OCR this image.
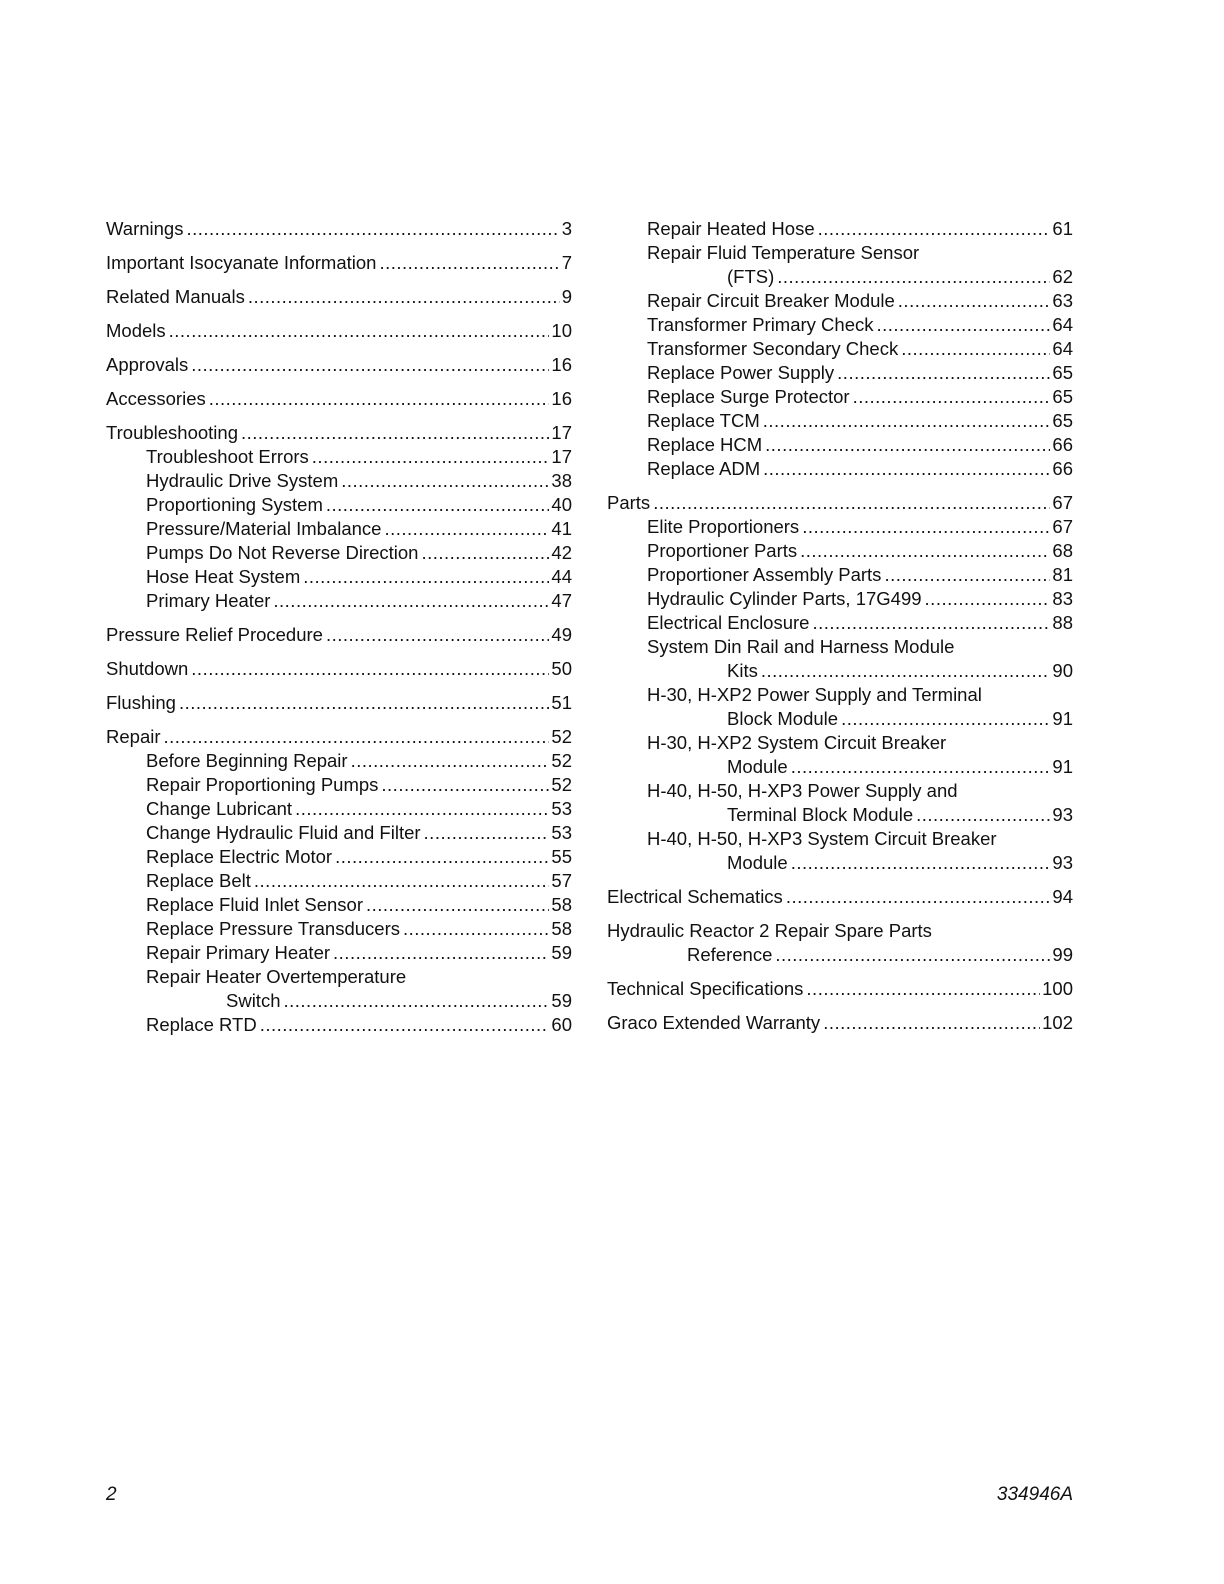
Warnings .....	3
Important Isocyanate Information .....	7
Related Manuals .....	9
Models .....	10
Approvals .....	16
Accessories .....	16
Troubleshooting .....	17
Troubleshoot Errors .....	17
Hydraulic Drive System .....	38
Proportioning System .....	40
Pressure/Material Imbalance .....	41
Pumps Do Not Reverse Direction .....	42
Hose Heat System .....	44
Primary Heater .....	47
Pressure Relief Procedure .....	49
Shutdown .....	50
Flushing .....	51
Repair .....	52
Before Beginning Repair .....	52
Repair Proportioning Pumps .....	52
Change Lubricant .....	53
Change Hydraulic Fluid and Filter .....	53
Replace Electric Motor .....	55
Replace Belt .....	57
Replace Fluid Inlet Sensor .....	58
Replace Pressure Transducers .....	58
Repair Primary Heater .....	59
Repair Heater Overtemperature
Switch .....	59
Replace RTD .....	60
Repair Heated Hose .....	61
Repair Fluid Temperature Sensor
(FTS) .....	62
Repair Circuit Breaker Module .....	63
Transformer Primary Check .....	64
Transformer Secondary Check .....	64
Replace Power Supply .....	65
Replace Surge Protector .....	65
Replace TCM .....	65
Replace HCM .....	66
Replace ADM .....	66
Parts .....	67
Elite Proportioners .....	67
Proportioner Parts .....	68
Proportioner Assembly Parts .....	81
Hydraulic Cylinder Parts, 17G499 .....	83
Electrical Enclosure .....	88
System Din Rail and Harness Module
Kits .....	90
H-30, H-XP2 Power Supply and Terminal
Block Module .....	91
H-30, H-XP2 System Circuit Breaker
Module .....	91
H-40, H-50, H-XP3 Power Supply and
Terminal Block Module .....	93
H-40, H-50, H-XP3 System Circuit Breaker
Module .....	93
Electrical Schematics .....	94
Hydraulic Reactor 2 Repair Spare Parts
Reference .....	99
Technical Specifications .....	100
Graco Extended Warranty .....	102
2	334946A
